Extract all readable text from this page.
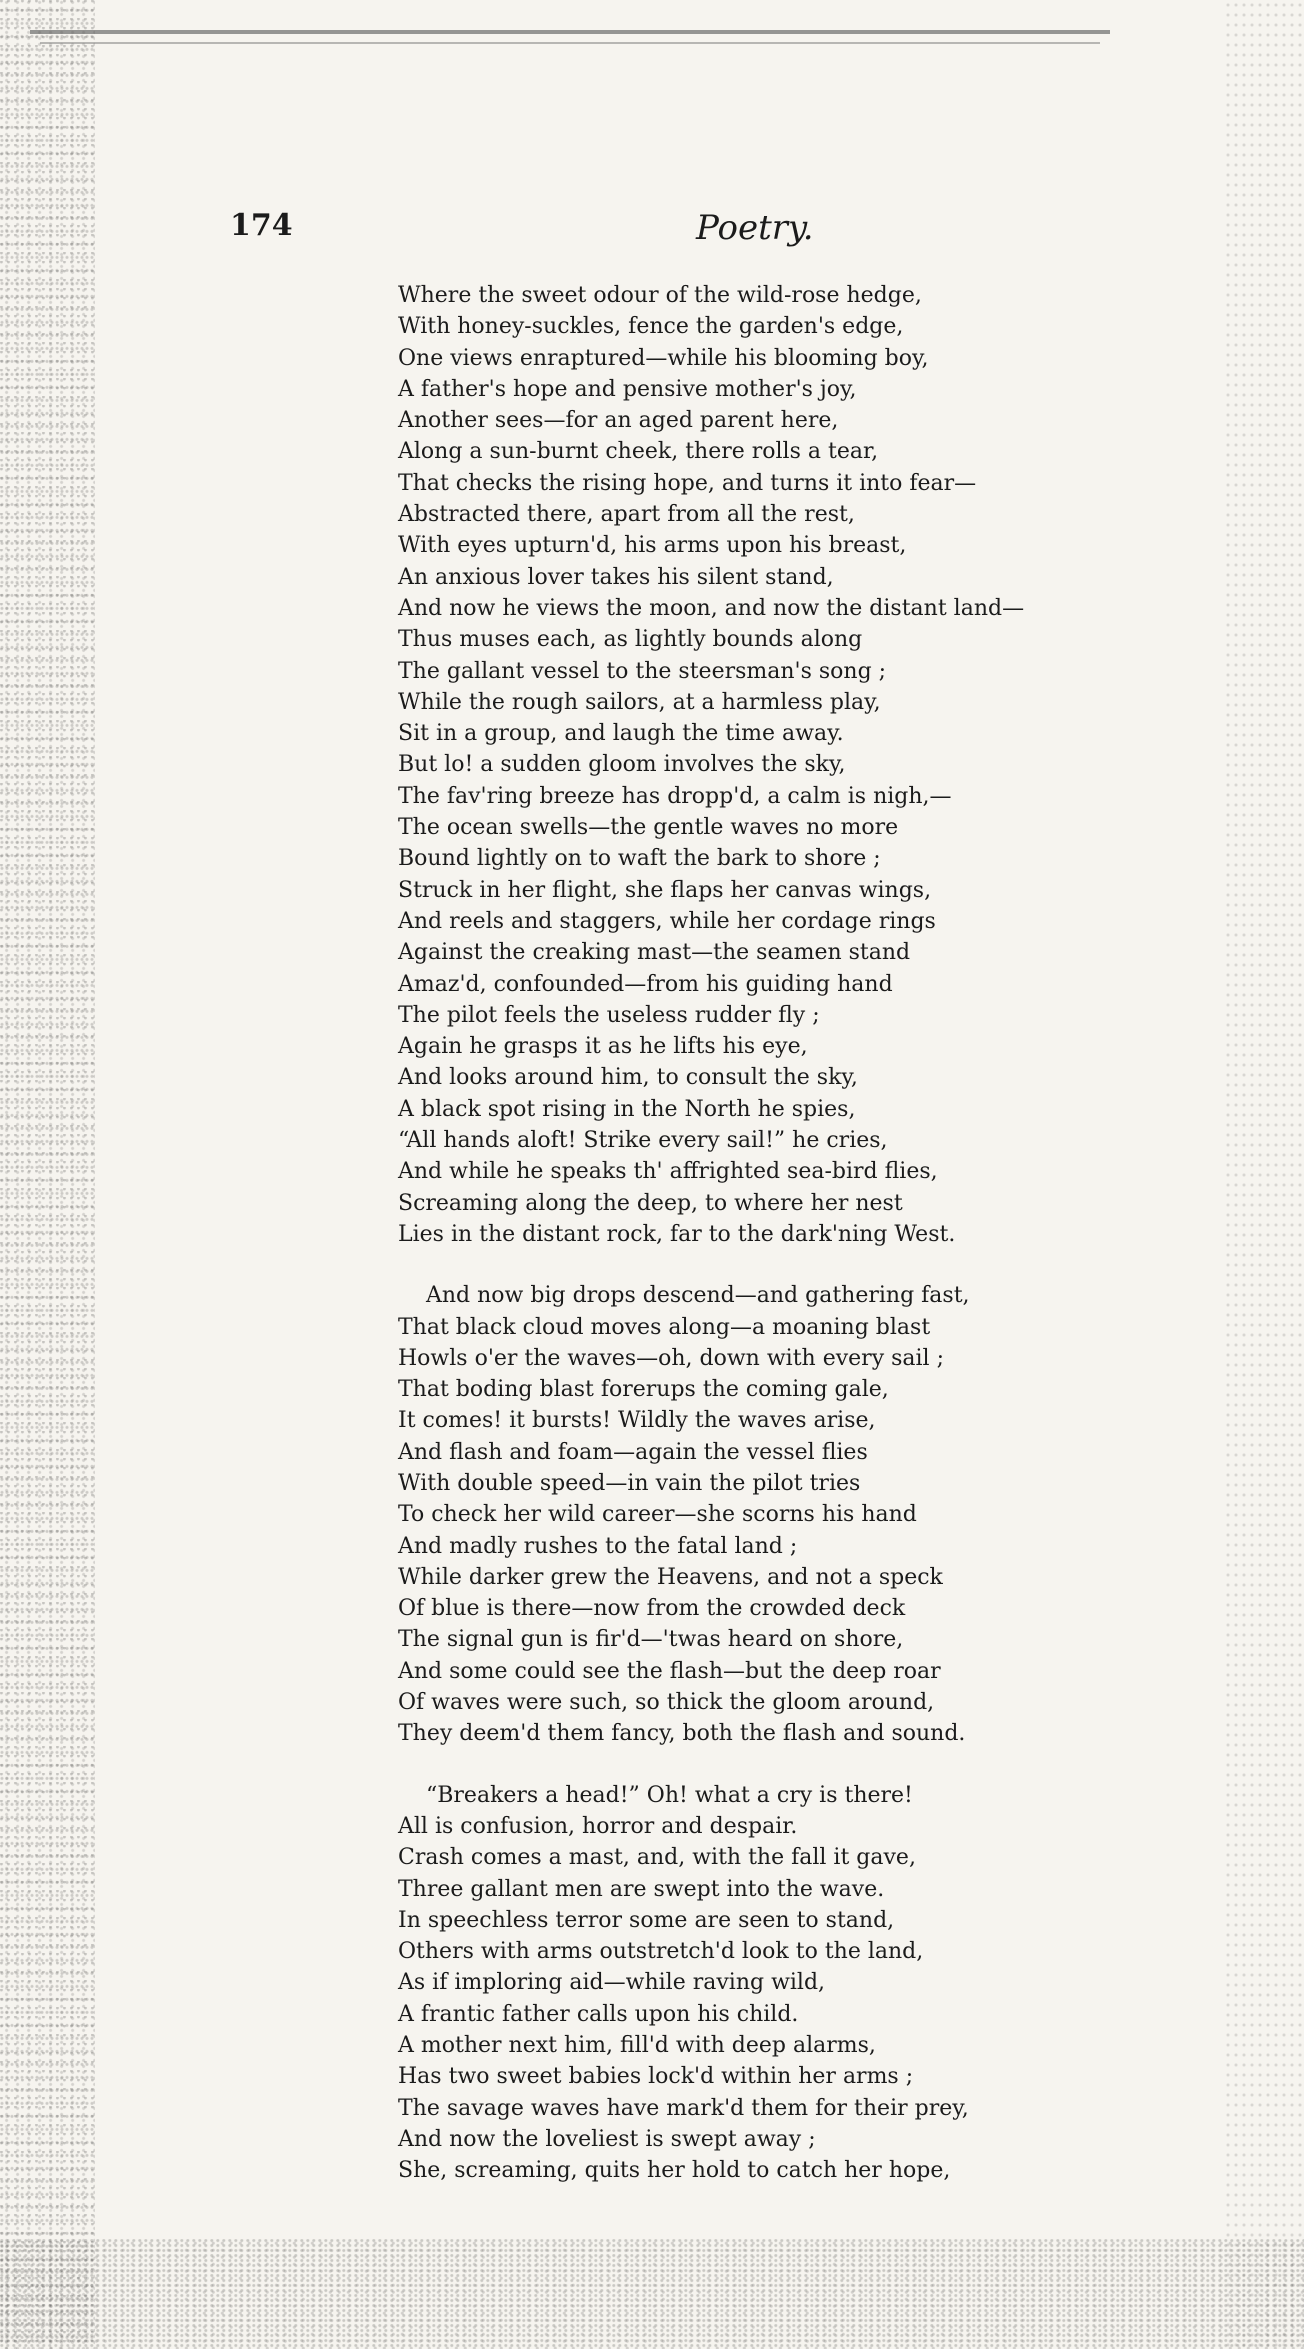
174	Poetry.
Where the sweet odour of the wild-rose hedge,
With honey-suckles, fence the garden's edge,
One views enraptured—while his blooming boy,
A father's hope and pensive mother's joy,
Another sees—for an aged parent here,
Along a sun-burnt cheek, there rolls a tear,
That checks the rising hope, and turns it into fear—
Abstracted there, apart from all the rest,
With eyes upturn'd, his arms upon his breast,
An anxious lover takes his silent stand,
And now he views the moon, and now the distant land—
Thus muses each, as lightly bounds along
The gallant vessel to the steersman's song ;
While the rough sailors, at a harmless play,
Sit in a group, and laugh the time away.
But lo! a sudden gloom involves the sky,
The fav'ring breeze has dropp'd, a calm is nigh,—
The ocean swells—the gentle waves no more
Bound lightly on to waft the bark to shore ;
Struck in her flight, she flaps her canvas wings,
And reels and staggers, while her cordage rings
Against the creaking mast—the seamen stand
Amaz'd, confounded—from his guiding hand
The pilot feels the useless rudder fly ;
Again he grasps it as he lifts his eye,
And looks around him, to consult the sky,
A black spot rising in the North he spies,
“All hands aloft! Strike every sail!” he cries,
And while he speaks th' affrighted sea-bird flies,
Screaming along the deep, to where her nest
Lies in the distant rock, far to the dark'ning West.
And now big drops descend—and gathering fast,
That black cloud moves along—a moaning blast
Howls o'er the waves—oh, down with every sail ;
That boding blast forerups the coming gale,
It comes! it bursts! Wildly the waves arise,
And flash and foam—again the vessel flies
With double speed—in vain the pilot tries
To check her wild career—she scorns his hand
And madly rushes to the fatal land ;
While darker grew the Heavens, and not a speck
Of blue is there—now from the crowded deck
The signal gun is fir'd—'twas heard on shore,
And some could see the flash—but the deep roar
Of waves were such, so thick the gloom around,
They deem'd them fancy, both the flash and sound.
“Breakers a head!” Oh! what a cry is there!
All is confusion, horror and despair.
Crash comes a mast, and, with the fall it gave,
Three gallant men are swept into the wave.
In speechless terror some are seen to stand,
Others with arms outstretch'd look to the land,
As if imploring aid—while raving wild,
A frantic father calls upon his child.
A mother next him, fill'd with deep alarms,
Has two sweet babies lock'd within her arms ;
The savage waves have mark'd them for their prey,
And now the loveliest is swept away ;
She, screaming, quits her hold to catch her hope,
